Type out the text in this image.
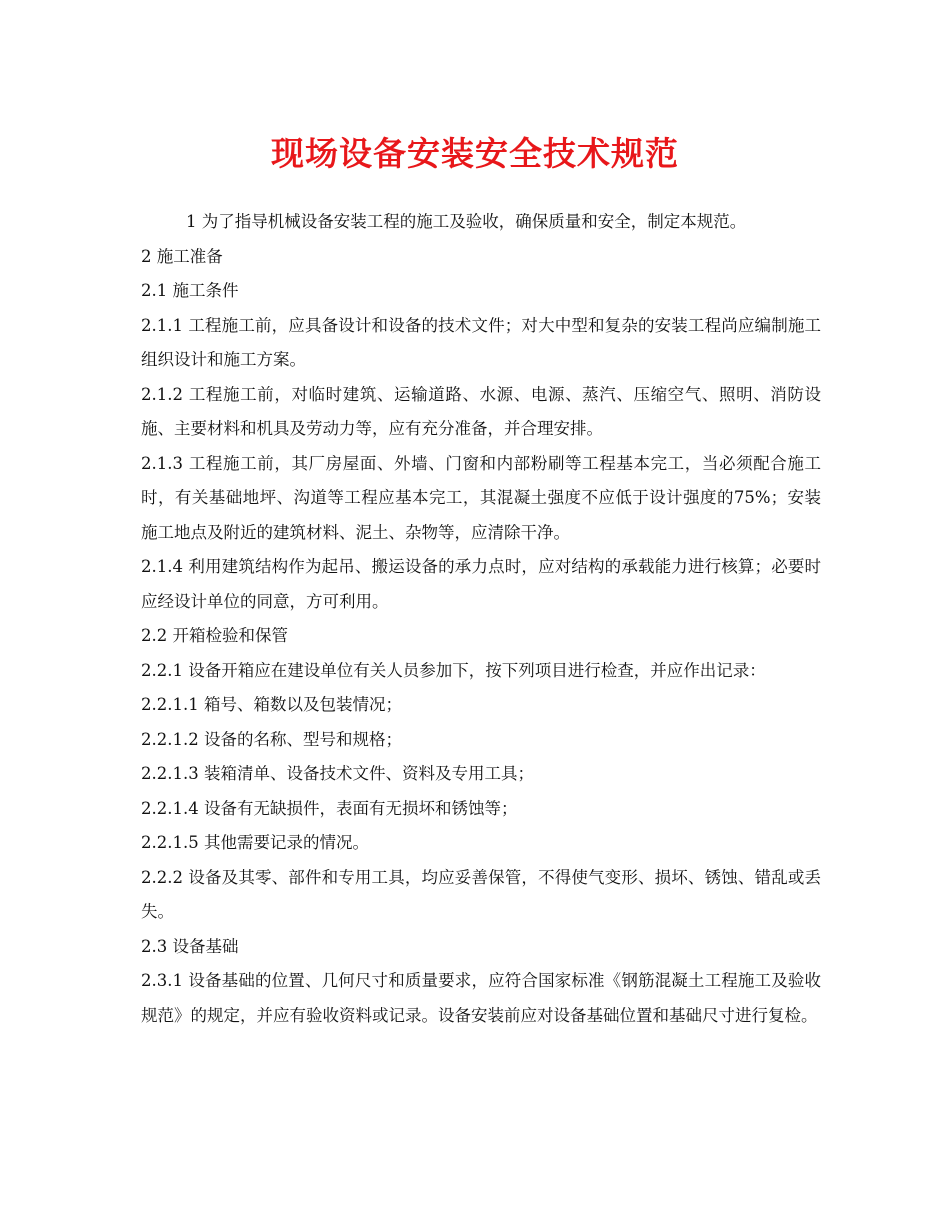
现场设备安装安全技术规范

1 为了指导机械设备安装工程的施工及验收，确保质量和安全，制定本规范。

2 施工准备

2.1 施工条件

2.1.1 工程施工前，应具备设计和设备的技术文件；对大中型和复杂的安装工程尚应编制施工组织设计和施工方案。

2.1.2 工程施工前，对临时建筑、运输道路、水源、电源、蒸汽、压缩空气、照明、消防设施、主要材料和机具及劳动力等，应有充分准备，并合理安排。

2.1.3 工程施工前，其厂房屋面、外墙、门窗和内部粉刷等工程基本完工，当必须配合施工时，有关基础地坪、沟道等工程应基本完工，其混凝土强度不应低于设计强度的75%；安装施工地点及附近的建筑材料、泥土、杂物等，应清除干净。

2.1.4 利用建筑结构作为起吊、搬运设备的承力点时，应对结构的承载能力进行核算；必要时应经设计单位的同意，方可利用。

2.2 开箱检验和保管

2.2.1 设备开箱应在建设单位有关人员参加下，按下列项目进行检查，并应作出记录：

2.2.1.1 箱号、箱数以及包装情况；

2.2.1.2 设备的名称、型号和规格；

2.2.1.3 装箱清单、设备技术文件、资料及专用工具；

2.2.1.4 设备有无缺损件，表面有无损坏和锈蚀等；

2.2.1.5 其他需要记录的情况。

2.2.2 设备及其零、部件和专用工具，均应妥善保管，不得使气变形、损坏、锈蚀、错乱或丢失。

2.3 设备基础

2.3.1 设备基础的位置、几何尺寸和质量要求，应符合国家标准《钢筋混凝土工程施工及验收规范》的规定，并应有验收资料或记录。设备安装前应对设备基础位置和基础尺寸进行复检。
